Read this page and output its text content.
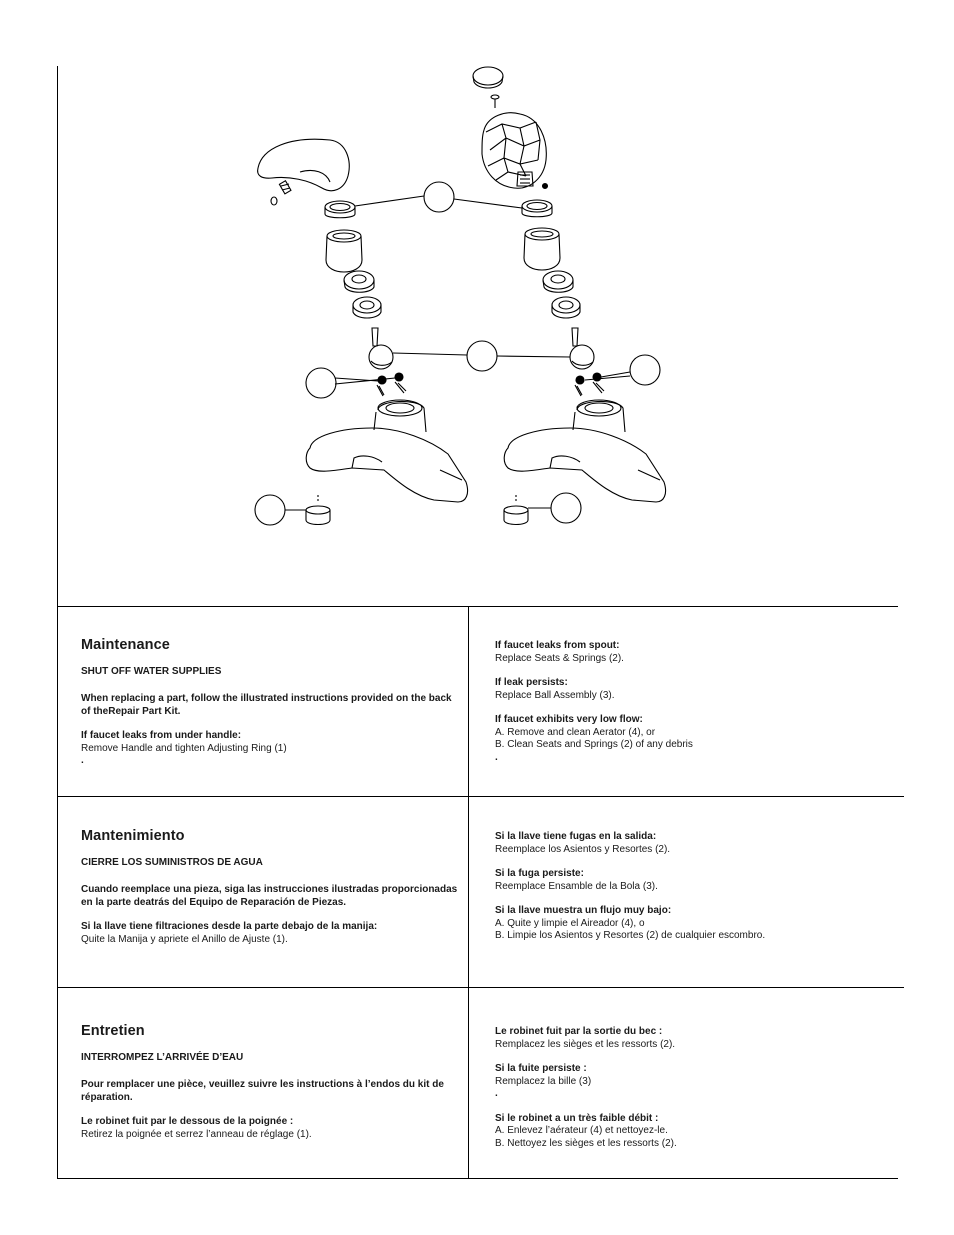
Maintenance

SHUT OFF WATER SUPPLIES

When replacing a part, follow the illustrated instructions provided on the back of theRepair Part Kit.

If faucet leaks from under handle:
Remove Handle and tighten Adjusting Ring (1)
.

If faucet leaks from spout:
Replace Seats & Springs (2).

If leak persists:
Replace Ball Assembly (3).

If faucet exhibits very low flow:
A. Remove and clean Aerator (4), or
B. Clean Seats and Springs (2) of any debris
.

Mantenimiento

CIERRE LOS SUMINISTROS DE AGUA

Cuando reemplace una pieza, siga las instrucciones ilustradas proporcionadas en la parte deatrás del Equipo de Reparación de Piezas.

Si la llave tiene filtraciones desde la parte debajo de la manija:
Quite la Manija y apriete el Anillo de Ajuste (1).

Si la llave tiene fugas en la salida:
Reemplace los Asientos y Resortes (2).

Si la fuga persiste:
Reemplace Ensamble de la Bola (3).

Si la llave muestra un flujo muy bajo:
A. Quite y limpie el Aireador (4), o
B. Limpie los Asientos y Resortes (2) de cualquier escombro.

Entretien

INTERROMPEZ L’ARRIVÉE D’EAU

Pour remplacer une pièce, veuillez suivre les instructions à l’endos du kit de réparation.

Le robinet fuit par le dessous de la poignée :
Retirez la poignée et serrez l’anneau de réglage (1).

Le robinet fuit par la sortie du bec :
Remplacez les sièges et les ressorts (2).

Si la fuite persiste :
Remplacez la bille (3)
.

Si le robinet a un très faible débit :
A. Enlevez l’aérateur (4) et nettoyez-le.
B. Nettoyez les sièges et les ressorts (2).
